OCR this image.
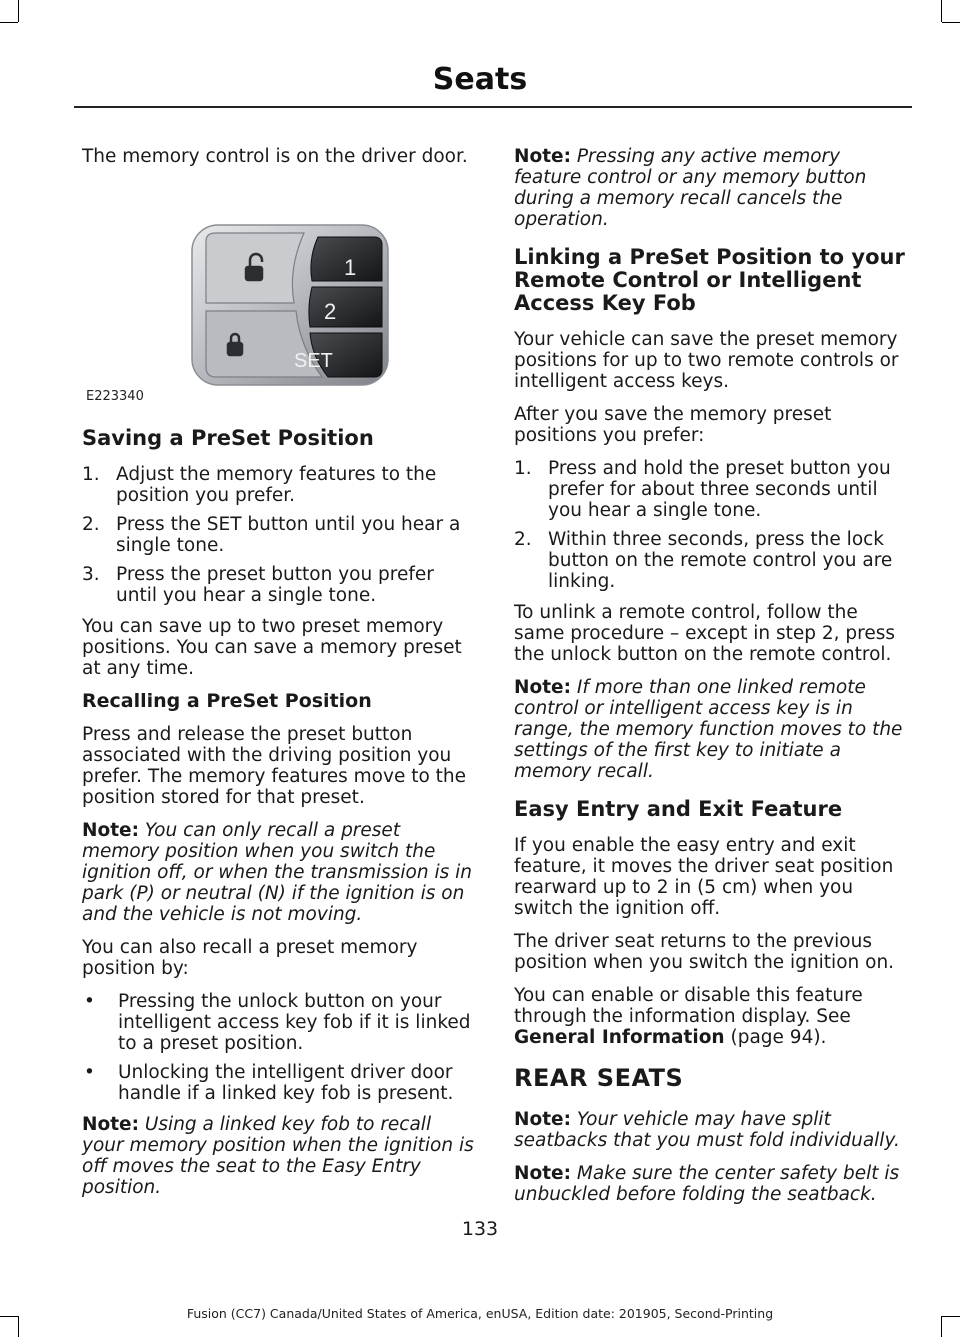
Seats

The memory control is on the driver door.

1
2
SET
E223340
Saving a PreSet Position
1. Adjust the memory features to the position you prefer.
2. Press the SET button until you hear a single tone.
3. Press the preset button you prefer until you hear a single tone.

You can save up to two preset memory positions. You can save a memory preset at any time.

Recalling a PreSet Position

Press and release the preset button associated with the driving position you prefer. The memory features move to the position stored for that preset.

Note: You can only recall a preset memory position when you switch the ignition off, or when the transmission is in park (P) or neutral (N) if the ignition is on and the vehicle is not moving.

You can also recall a preset memory position by:

•	Pressing the unlock button on your intelligent access key fob if it is linked to a preset position.
•	Unlocking the intelligent driver door handle if a linked key fob is present.

Note: Using a linked key fob to recall your memory position when the ignition is off moves the seat to the Easy Entry position.

Note: Pressing any active memory feature control or any memory button during a memory recall cancels the operation.

Linking a PreSet Position to your Remote Control or Intelligent Access Key Fob

Your vehicle can save the preset memory positions for up to two remote controls or intelligent access keys.

After you save the memory preset positions you prefer:

1. Press and hold the preset button you prefer for about three seconds until you hear a single tone.
2. Within three seconds, press the lock button on the remote control you are linking.

To unlink a remote control, follow the same procedure – except in step 2, press the unlock button on the remote control.

Note: If more than one linked remote control or intelligent access key is in range, the memory function moves to the settings of the first key to initiate a memory recall.

Easy Entry and Exit Feature

If you enable the easy entry and exit feature, it moves the driver seat position rearward up to 2 in (5 cm) when you switch the ignition off.

The driver seat returns to the previous position when you switch the ignition on.

You can enable or disable this feature through the information display. See General Information (page 94).

REAR SEATS

Note: Your vehicle may have split seatbacks that you must fold individually.

Note: Make sure the center safety belt is unbuckled before folding the seatback.

133
Fusion (CC7) Canada/United States of America, enUSA, Edition date: 201905, Second-Printing
